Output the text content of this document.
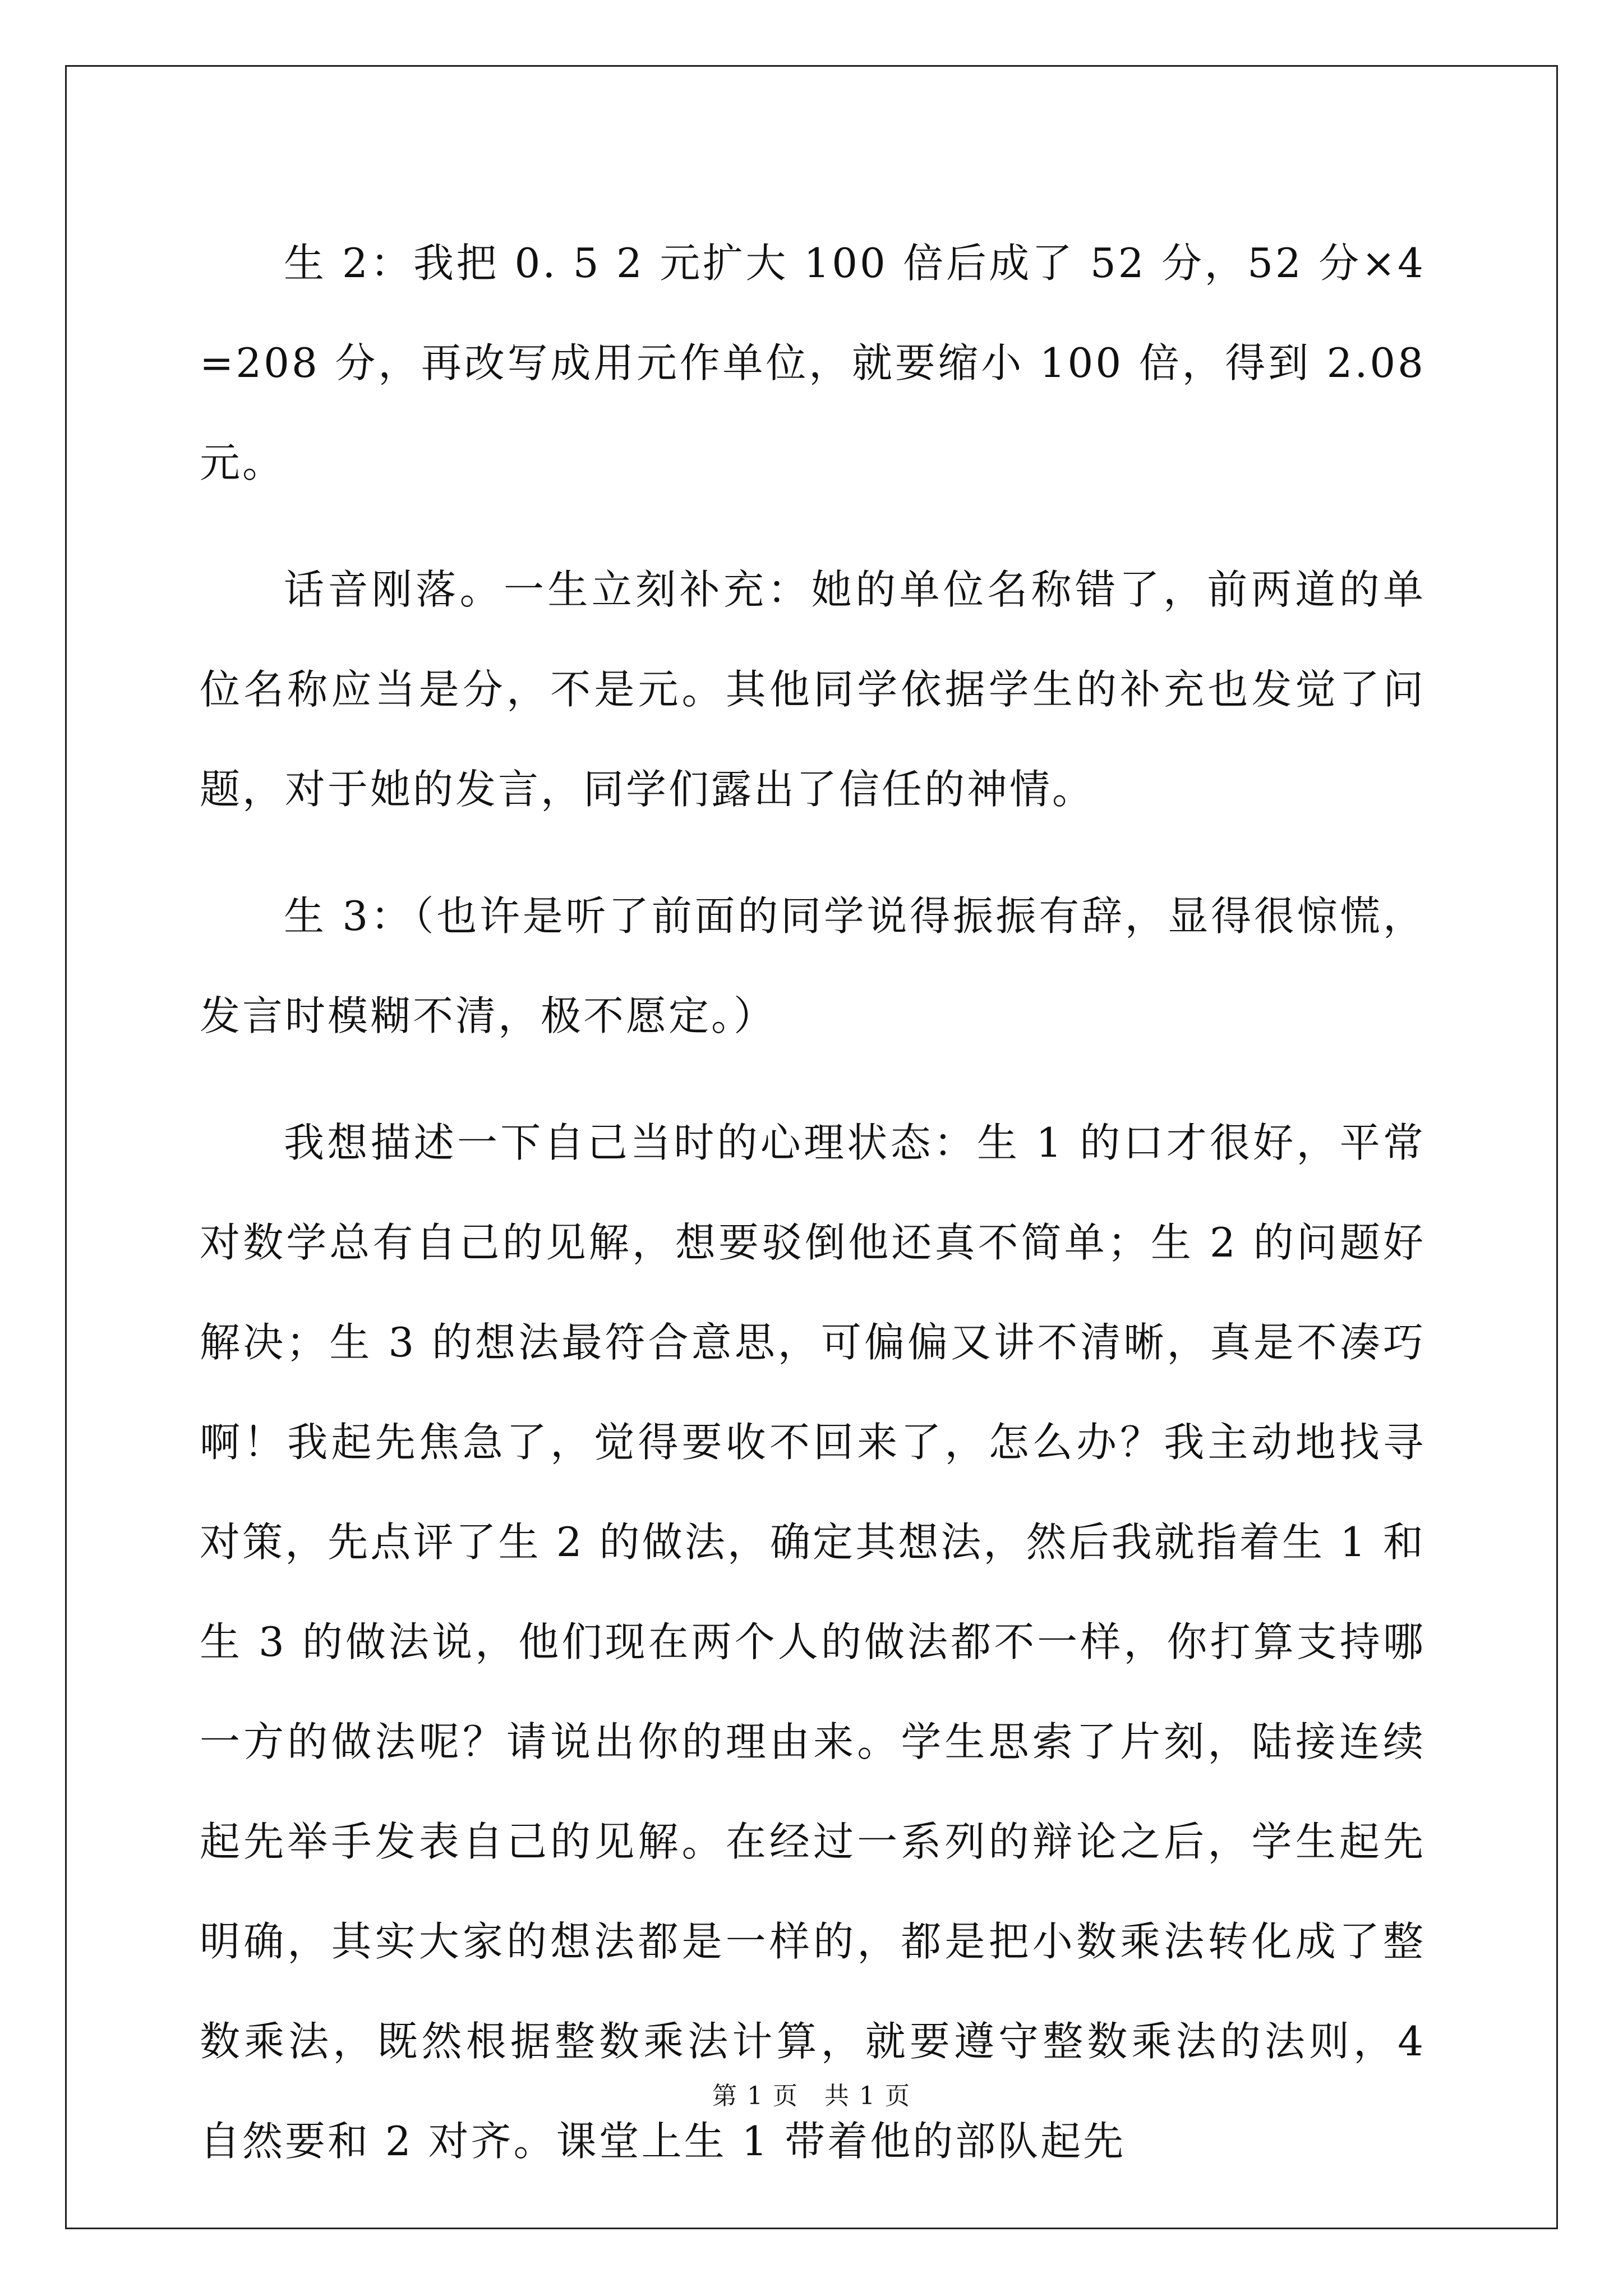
生 2：我把 0. 5 2 元扩大 100 倍后成了 52 分，52 分×4=208 分，再改写成用元作单位，就要缩小 100 倍，得到 2.08 元。

话音刚落。一生立刻补充：她的单位名称错了，前两道的单位名称应当是分，不是元。其他同学依据学生的补充也发觉了问题，对于她的发言，同学们露出了信任的神情。

生 3：（也许是听了前面的同学说得振振有辞，显得很惊慌，发言时模糊不清，极不愿定。）

我想描述一下自己当时的心理状态：生 1 的口才很好，平常对数学总有自己的见解，想要驳倒他还真不简单；生 2 的问题好解决；生 3 的想法最符合意思，可偏偏又讲不清晰，真是不凑巧啊！我起先焦急了，觉得要收不回来了，怎么办？我主动地找寻对策，先点评了生 2 的做法，确定其想法，然后我就指着生 1 和生 3 的做法说，他们现在两个人的做法都不一样，你打算支持哪一方的做法呢？请说出你的理由来。学生思索了片刻，陆接连续起先举手发表自己的见解。在经过一系列的辩论之后，学生起先明确，其实大家的想法都是一样的，都是把小数乘法转化成了整数乘法，既然根据整数乘法计算，就要遵守整数乘法的法则，4 自然要和 2 对齐。课堂上生 1 带着他的部队起先

第 1 页　共 1 页
